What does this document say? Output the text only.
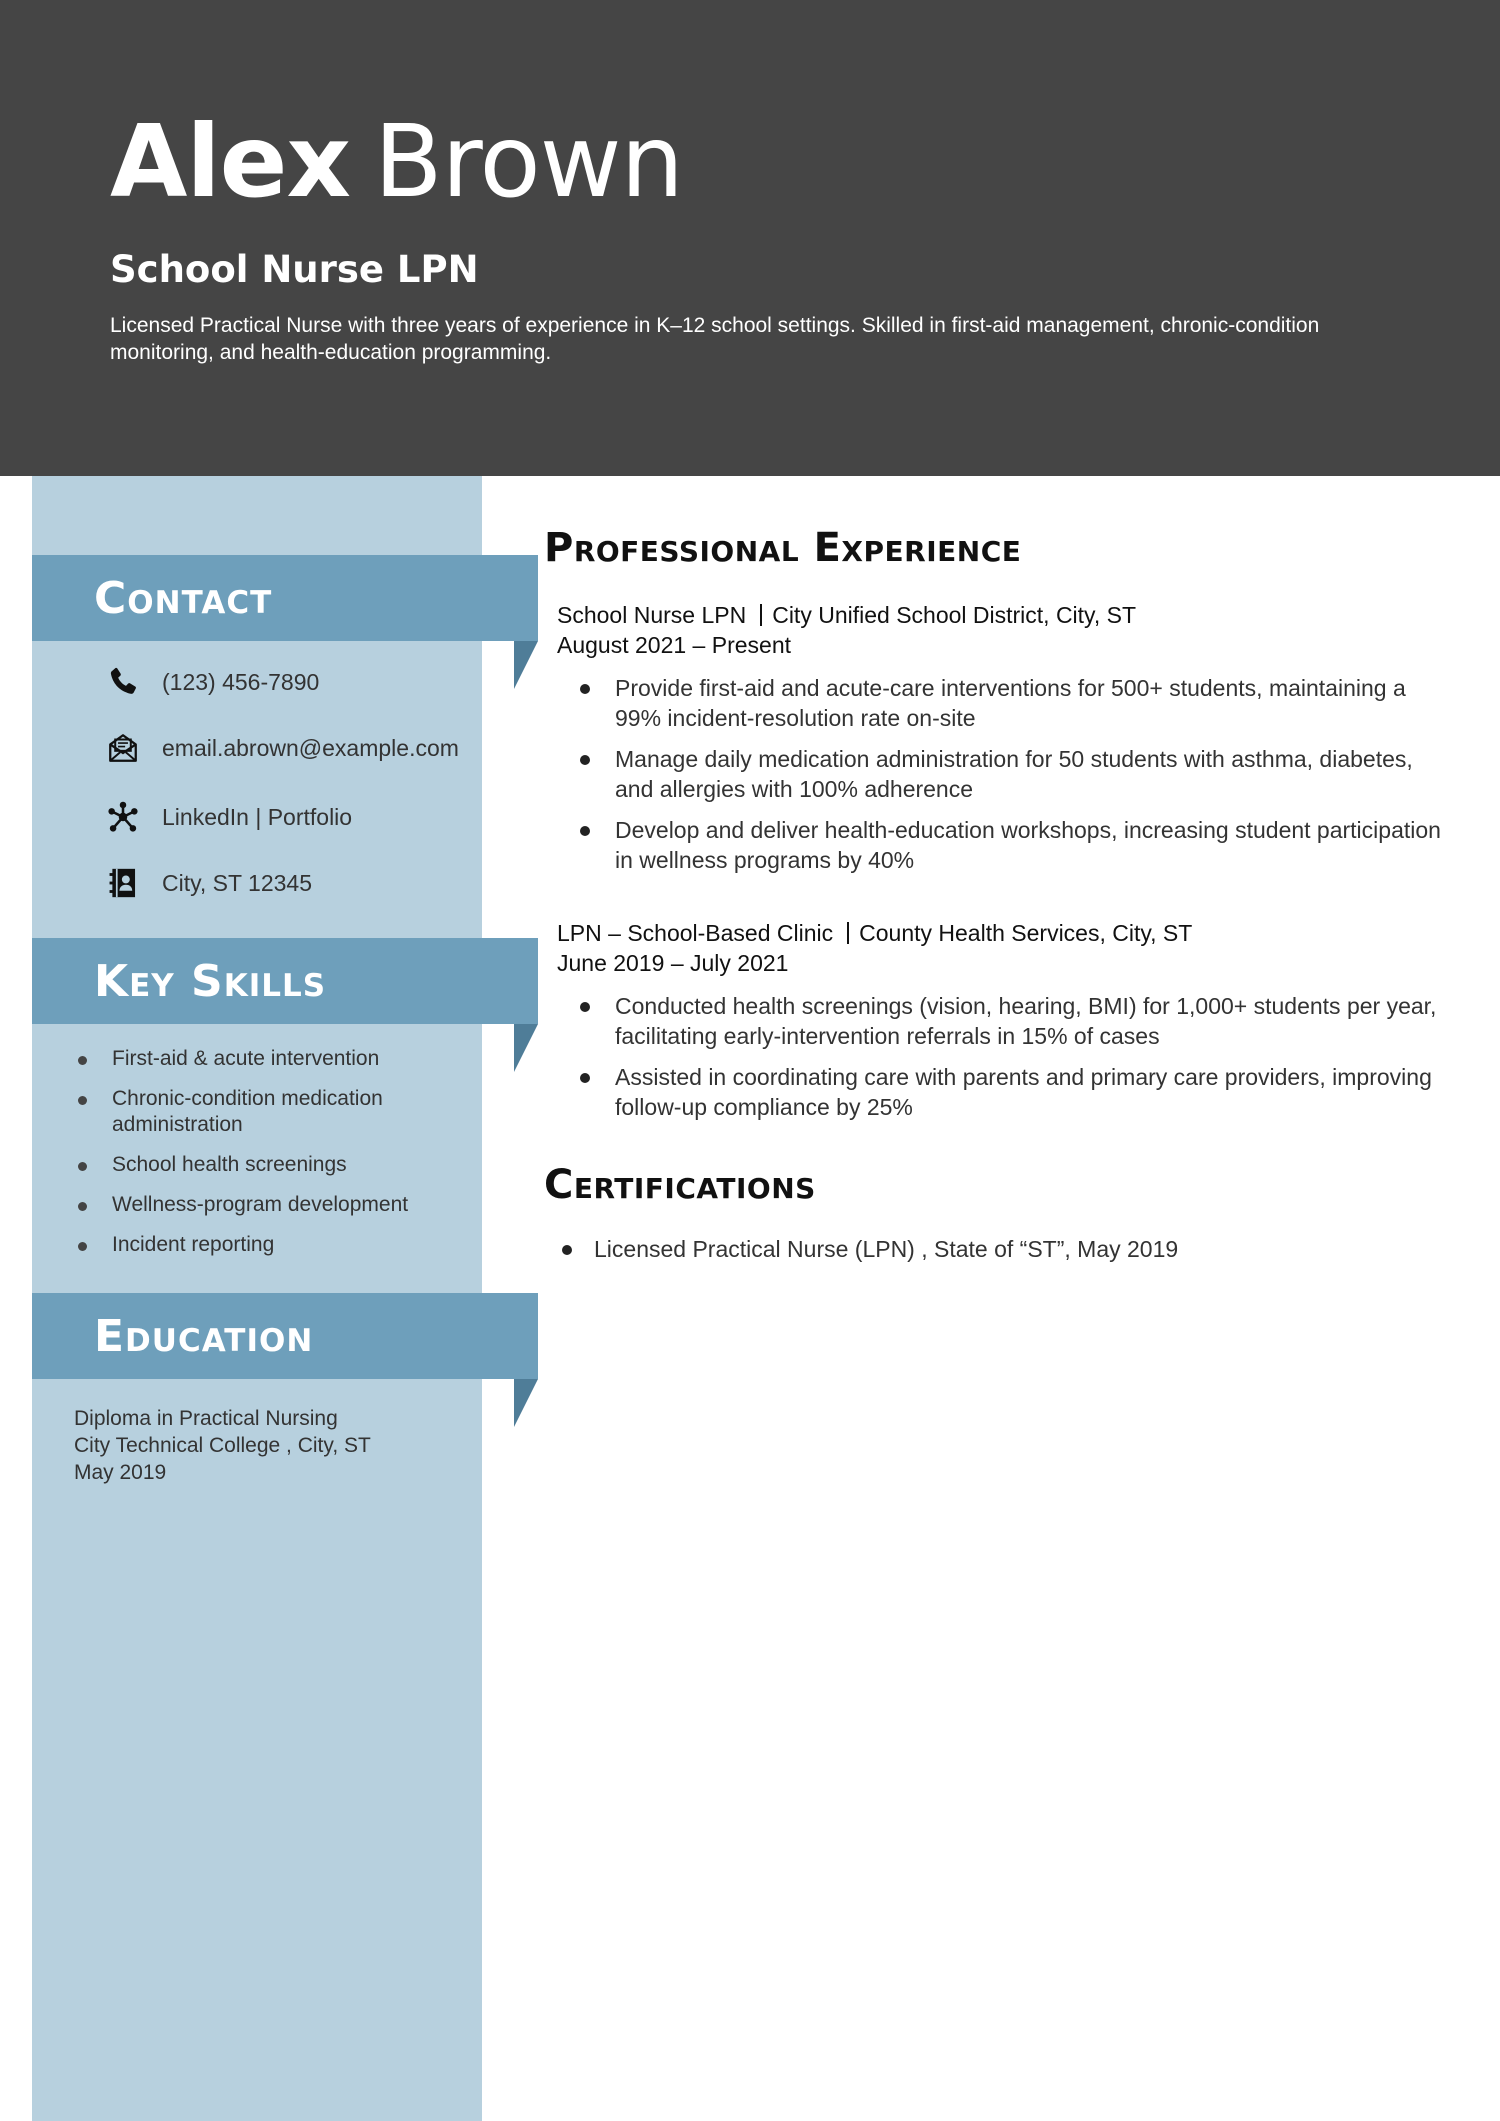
Alex Brown
School Nurse LPN
Licensed Practical Nurse with three years of experience in K–12 school settings. Skilled in first-aid management, chronic-condition monitoring, and health-education programming.
Contact
(123) 456-7890
email.abrown@example.com
LinkedIn | Portfolio
City, ST 12345
Key Skills
Education
First-aid & acute intervention
Chronic-condition medication administration
School health screenings
Wellness-program development
Incident reporting
Diploma in Practical Nursing
City Technical College , City, ST
May 2019
Professional Experience
School Nurse LPN City Unified School District, City, ST
August 2021 – Present
Provide first-aid and acute-care interventions for 500+ students, maintaining a 99% incident-resolution rate on-site
Manage daily medication administration for 50 students with asthma, diabetes, and allergies with 100% adherence
Develop and deliver health-education workshops, increasing student participation in wellness programs by 40%
LPN – School-Based Clinic County Health Services, City, ST
June 2019 – July 2021
Conducted health screenings (vision, hearing, BMI) for 1,000+ students per year, facilitating early-intervention referrals in 15% of cases
Assisted in coordinating care with parents and primary care providers, improving follow-up compliance by 25%
Certifications
Licensed Practical Nurse (LPN) , State of “ST”, May 2019
